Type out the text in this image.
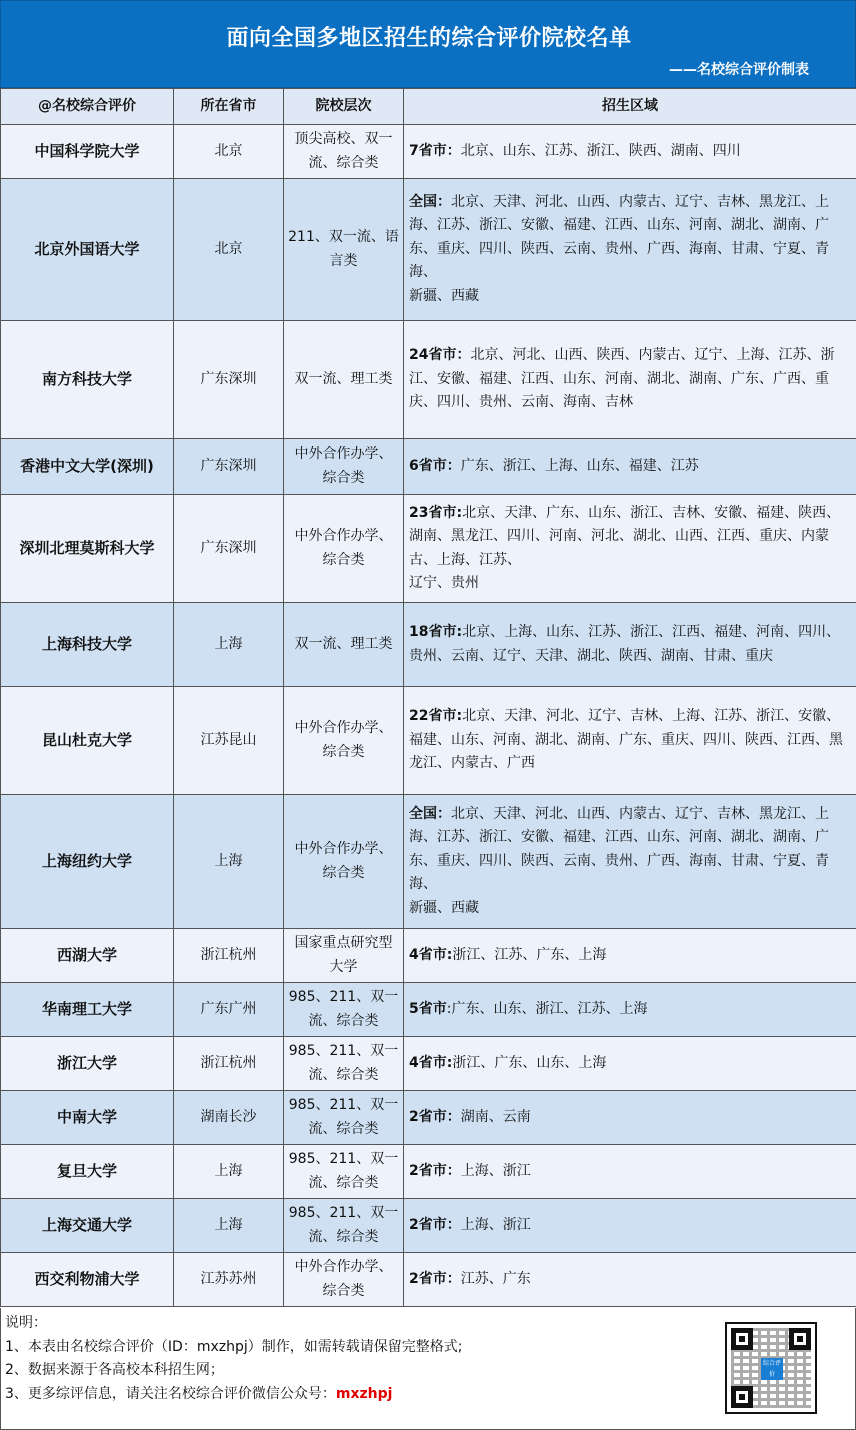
面向全国多地区招生的综合评价院校名单
——名校综合评价制表
@名校综合评价	所在省市	院校层次	招生区域
中国科学院大学	北京	顶尖高校、双一流、综合类	7省市：北京、山东、江苏、浙江、陕西、湖南、四川
北京外国语大学	北京	211、双一流、语言类	全国：北京、天津、河北、山西、内蒙古、辽宁、吉林、黑龙江、上海、江苏、浙江、安徽、福建、江西、山东、河南、湖北、湖南、广东、重庆、四川、陕西、云南、贵州、广西、海南、甘肃、宁夏、青海、
新疆、西藏
南方科技大学	广东深圳	双一流、理工类	24省市：北京、河北、山西、陕西、内蒙古、辽宁、上海、江苏、浙江、安徽、福建、江西、山东、河南、湖北、湖南、广东、广西、重庆、四川、贵州、云南、海南、吉林
香港中文大学(深圳)	广东深圳	中外合作办学、综合类	6省市：广东、浙江、上海、山东、福建、江苏
深圳北理莫斯科大学	广东深圳	中外合作办学、综合类	23省市:北京、天津、广东、山东、浙江、吉林、安徽、福建、陕西、湖南、黑龙江、四川、河南、河北、湖北、山西、江西、重庆、内蒙古、上海、江苏、
辽宁、贵州
上海科技大学	上海	双一流、理工类	18省市:北京、上海、山东、江苏、浙江、江西、福建、河南、四川、贵州、云南、辽宁、天津、湖北、陕西、湖南、甘肃、重庆
昆山杜克大学	江苏昆山	中外合作办学、综合类	22省市:北京、天津、河北、辽宁、吉林、上海、江苏、浙江、安徽、福建、山东、河南、湖北、湖南、广东、重庆、四川、陕西、江西、黑龙江、内蒙古、广西
上海纽约大学	上海	中外合作办学、综合类	全国：北京、天津、河北、山西、内蒙古、辽宁、吉林、黑龙江、上海、江苏、浙江、安徽、福建、江西、山东、河南、湖北、湖南、广东、重庆、四川、陕西、云南、贵州、广西、海南、甘肃、宁夏、青海、
新疆、西藏
西湖大学	浙江杭州	国家重点研究型大学	4省市:浙江、江苏、广东、上海
华南理工大学	广东广州	985、211、双一流、综合类	5省市:广东、山东、浙江、江苏、上海
浙江大学	浙江杭州	985、211、双一流、综合类	4省市:浙江、广东、山东、上海
中南大学	湖南长沙	985、211、双一流、综合类	2省市：湖南、云南
复旦大学	上海	985、211、双一流、综合类	2省市：上海、浙江
上海交通大学	上海	985、211、双一流、综合类	2省市：上海、浙江
西交利物浦大学	江苏苏州	中外合作办学、综合类	2省市：江苏、广东
说明：
1、本表由名校综合评价（ID：mxzhpj）制作，如需转载请保留完整格式;
2、数据来源于各高校本科招生网；
3、更多综评信息，请关注名校综合评价微信公众号：mxzhpj
综合评价
